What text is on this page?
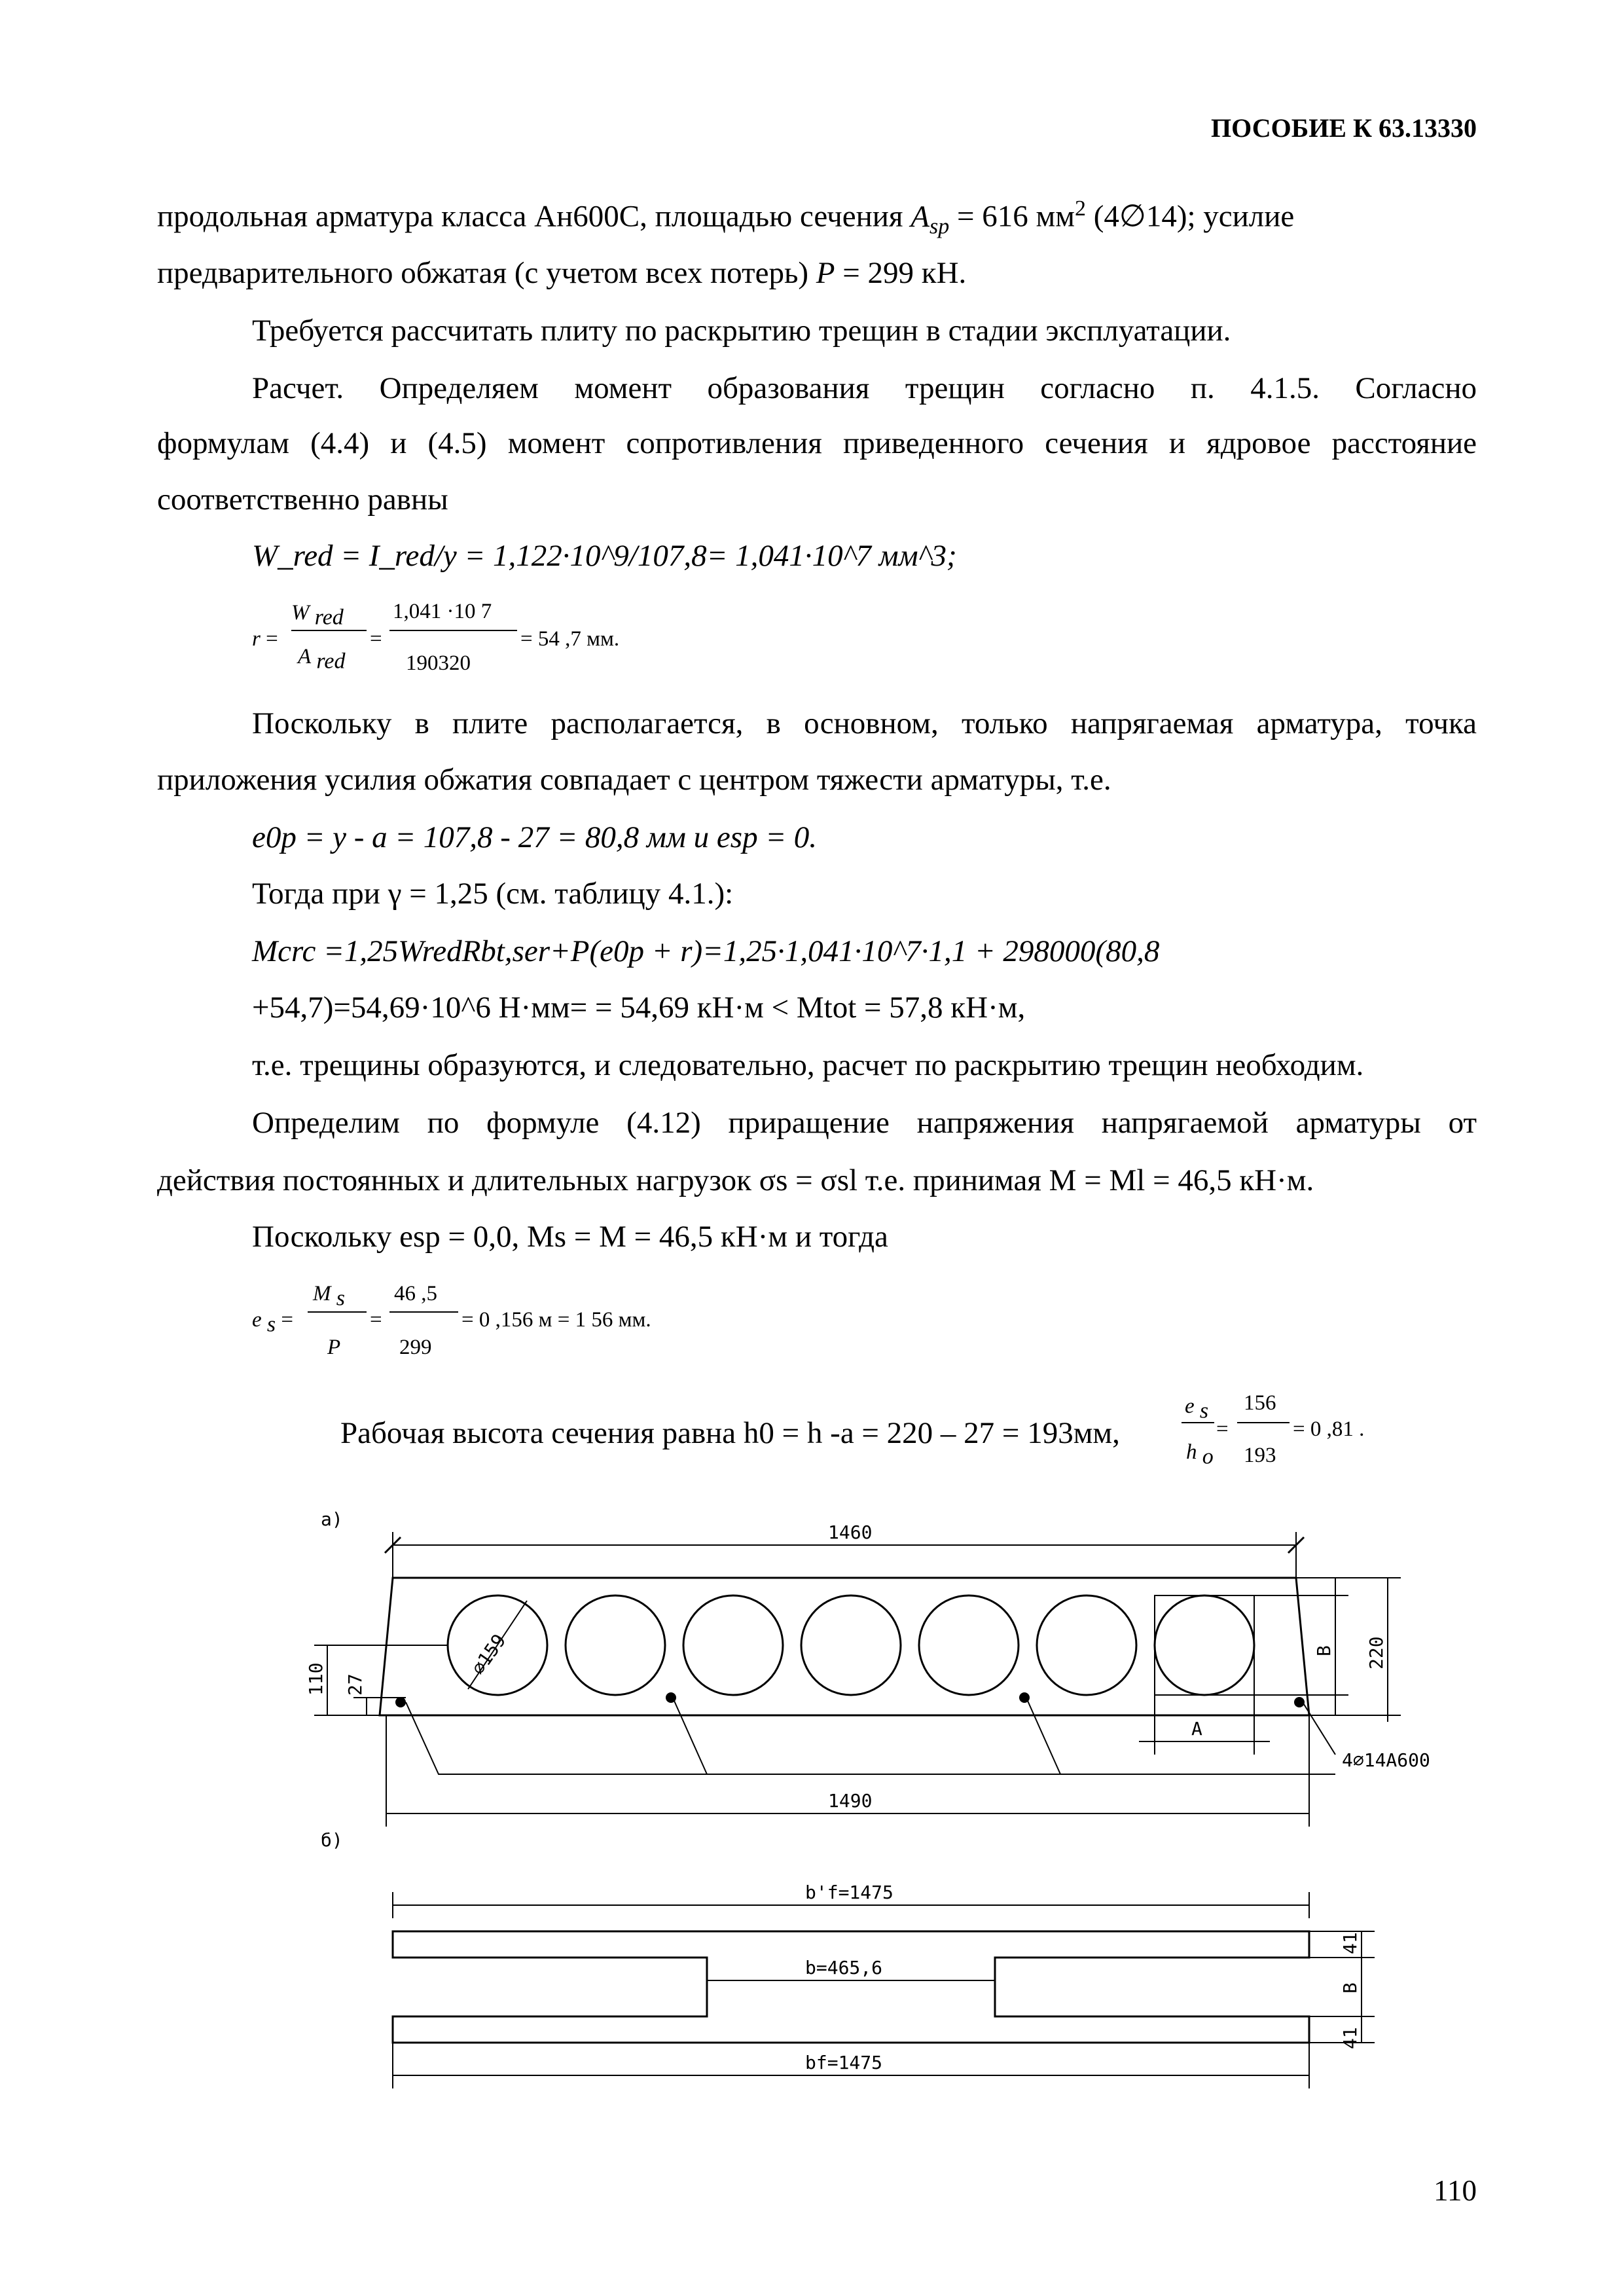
ПОСОБИЕ К 63.13330
продольная арматура класса Ан600С, площадью сечения $A_{sp} = 616$ $мм^2$ (4∅14); усилие
предварительного обжатая (с учетом всех потерь) P = 299 кН.
Требуется рассчитать плиту по раскрытию трещин в стадии эксплуатации.
Расчет. Определяем момент образования трещин согласно п. 4.1.5. Согласно
формулам (4.4) и (4.5) момент сопротивления приведенного сечения и ядровое расстояние
соответственно равны
W_red = I_red/y = 1,122·10^9/107,8= 1,041·10^7 мм^3;
r =
W $_{red}$
A $_{red}$
=
1,041 ·10 7
190320
= 54 ,7 мм.
Поскольку в плите располагается, в основном, только напрягаемая арматура, точка
приложения усилия обжатия совпадает с центром тяжести арматуры, т.е.
e0p = y - a = 107,8 - 27 = 80,8 мм и esp = 0.
Тогда при γ = 1,25 (см. таблицу 4.1.):
Mcrc =1,25WredRbt,ser+P(e0p + r)=1,25·1,041·10^7·1,1 + 298000(80,8
+54,7)=54,69·10^6 Н·мм= = 54,69 кН·м < Mtot = 57,8 кН·м,
т.е. трещины образуются, и следовательно, расчет по раскрытию трещин необходим.
Определим по формуле (4.12) приращение напряжения напрягаемой арматуры от
действия постоянных и длительных нагрузок σs = σsl т.е. принимая M = Ml = 46,5 кН·м.
Поскольку esp = 0,0, Ms = M = 46,5 кН·м и тогда
e $_s$ =
M $_s$
P
=
46 ,5
299
= 0 ,156 м = 1 56 мм.
Рабочая высота сечения равна h0 = h -a = 220 – 27 = 193мм,
e $_s$
h $_o$
=
156
193
= 0 ,81 .
а)
1460
1490
A
4⌀14А600
B 220
110 27
⌀159
б)
b'f=1475
b=465,6
bf=1475
41
B
41
110
